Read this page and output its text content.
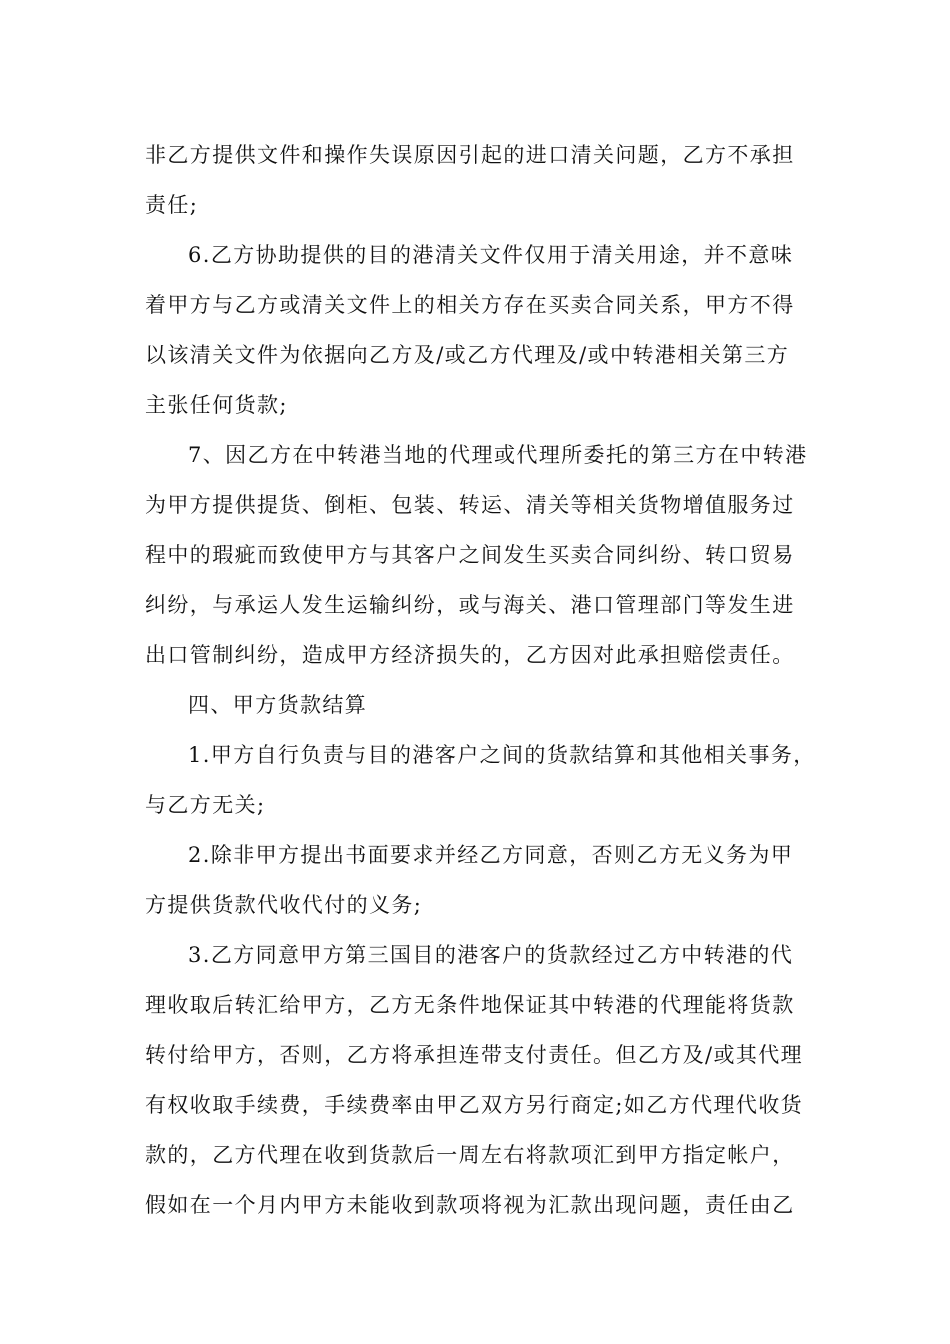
非乙方提供文件和操作失误原因引起的进口清关问题，乙方不承担
责任;
6.乙方协助提供的目的港清关文件仅用于清关用途，并不意味
着甲方与乙方或清关文件上的相关方存在买卖合同关系，甲方不得
以该清关文件为依据向乙方及/或乙方代理及/或中转港相关第三方
主张任何货款;
7、因乙方在中转港当地的代理或代理所委托的第三方在中转港
为甲方提供提货、倒柜、包装、转运、清关等相关货物增值服务过
程中的瑕疵而致使甲方与其客户之间发生买卖合同纠纷、转口贸易
纠纷，与承运人发生运输纠纷，或与海关、港口管理部门等发生进
出口管制纠纷，造成甲方经济损失的，乙方因对此承担赔偿责任。
四、甲方货款结算
1.甲方自行负责与目的港客户之间的货款结算和其他相关事务，
与乙方无关;
2.除非甲方提出书面要求并经乙方同意，否则乙方无义务为甲
方提供货款代收代付的义务;
3.乙方同意甲方第三国目的港客户的货款经过乙方中转港的代
理收取后转汇给甲方，乙方无条件地保证其中转港的代理能将货款
转付给甲方，否则，乙方将承担连带支付责任。但乙方及/或其代理
有权收取手续费，手续费率由甲乙双方另行商定;如乙方代理代收货
款的，乙方代理在收到货款后一周左右将款项汇到甲方指定帐户，
假如在一个月内甲方未能收到款项将视为汇款出现问题，责任由乙
